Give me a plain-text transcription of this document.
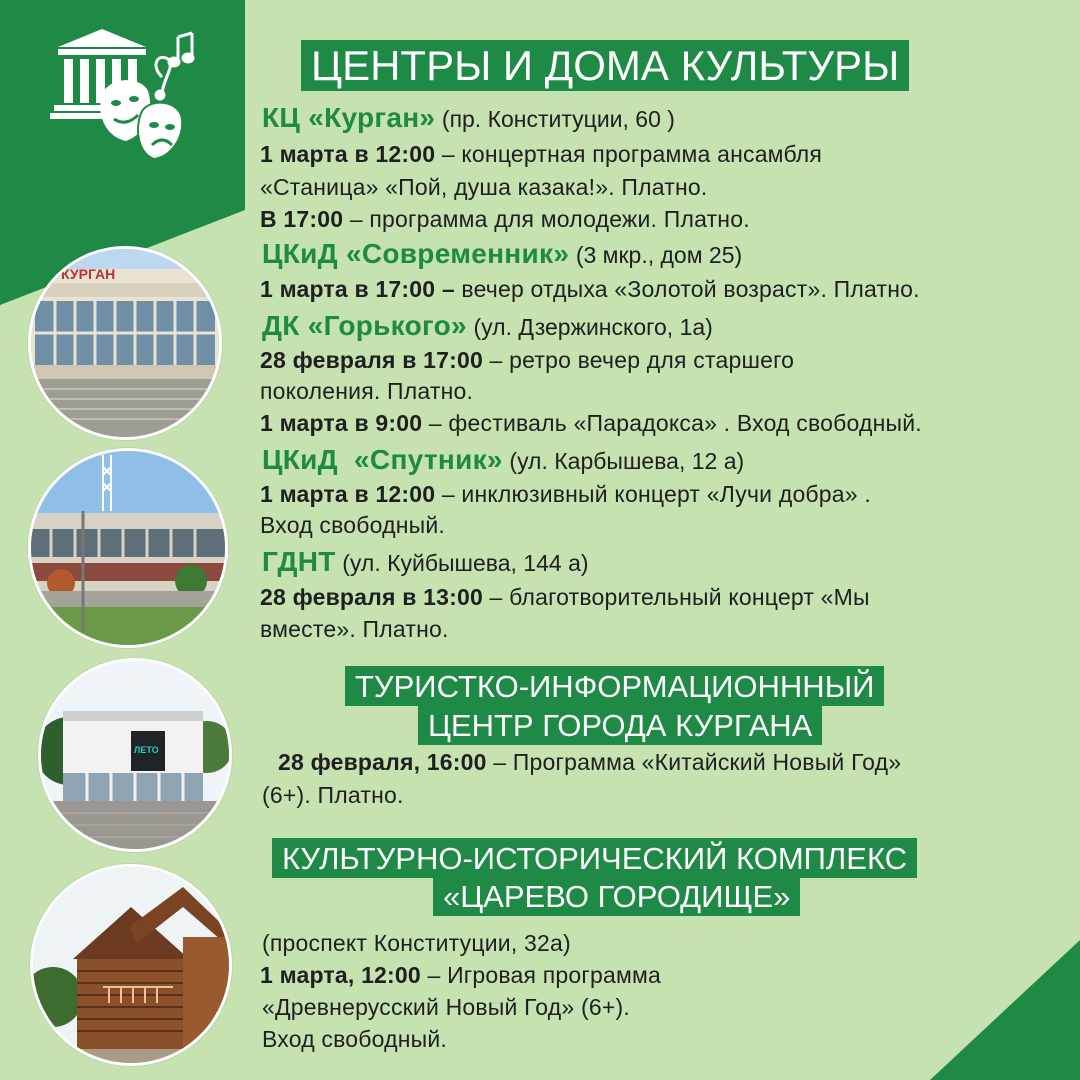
КУРГАН
ЛЕТО
ЦЕНТРЫ И ДОМА КУЛЬТУРЫ
КЦ «Курган» (пр. Конституции, 60 )
1 марта в 12:00 – концертная программа ансамбля
«Станица» «Пой, душа казака!». Платно.
В 17:00 – программа для молодежи. Платно.
ЦКиД «Современник» (3 мкр., дом 25)
1 марта в 17:00 – вечер отдыха «Золотой возраст». Платно.
ДК «Горького» (ул. Дзержинского, 1а)
28 февраля в 17:00 – ретро вечер для старшего
поколения. Платно.
1 марта в 9:00 – фестиваль «Парадокса» . Вход свободный.
ЦКиД  «Спутник» (ул. Карбышева, 12 а)
1 марта в 12:00 – инклюзивный концерт «Лучи добра» .
Вход свободный.
ГДНТ (ул. Куйбышева, 144 а)
28 февраля в 13:00 – благотворительный концерт «Мы
вместе». Платно.
ТУРИСТКО-ИНФОРМАЦИОНННЫЙ
ЦЕНТР ГОРОДА КУРГАНА
28 февраля, 16:00 – Программа «Китайский Новый Год»
(6+). Платно.
КУЛЬТУРНО-ИСТОРИЧЕСКИЙ КОМПЛЕКС
«ЦАРЕВО ГОРОДИЩЕ»
(проспект Конституции, 32а)
1 марта, 12:00 – Игровая программа
«Древнерусский Новый Год» (6+).
Вход свободный.
